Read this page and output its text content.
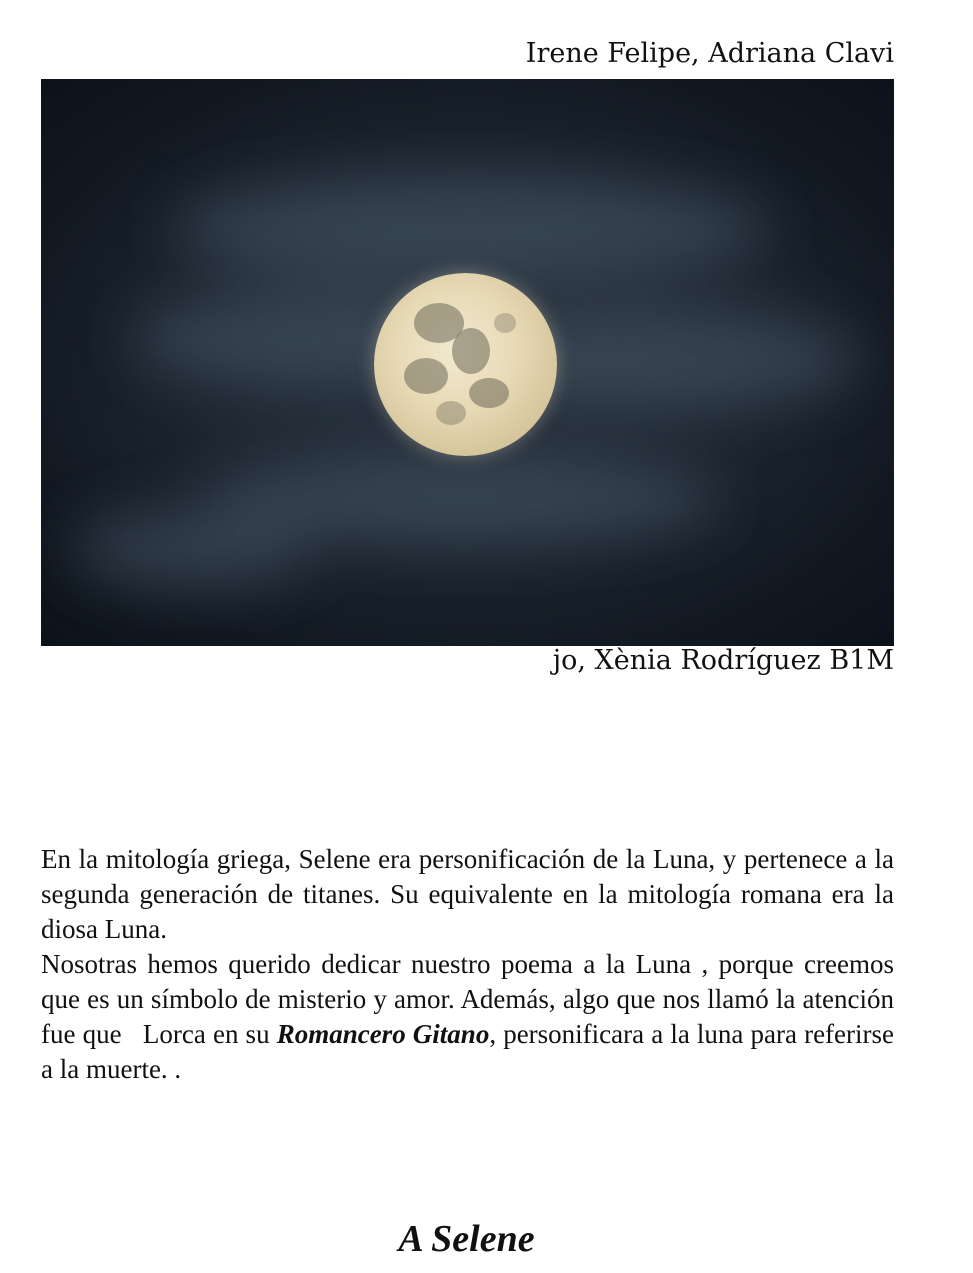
Irene Felipe, Adriana Clavi
jo, Xènia Rodríguez B1M

En la mitología griega, Selene era personificación de la Luna, y pertenece a la segunda generación de titanes. Su equivalente en la mitología romana era la diosa Luna.

Nosotras hemos querido dedicar nuestro poema a la Luna , porque creemos que es un símbolo de misterio y amor. Además, algo que nos llamó la atención fue que   Lorca en su Romancero Gitano, personificara a la luna para referirse a la muerte. .

A Selene
